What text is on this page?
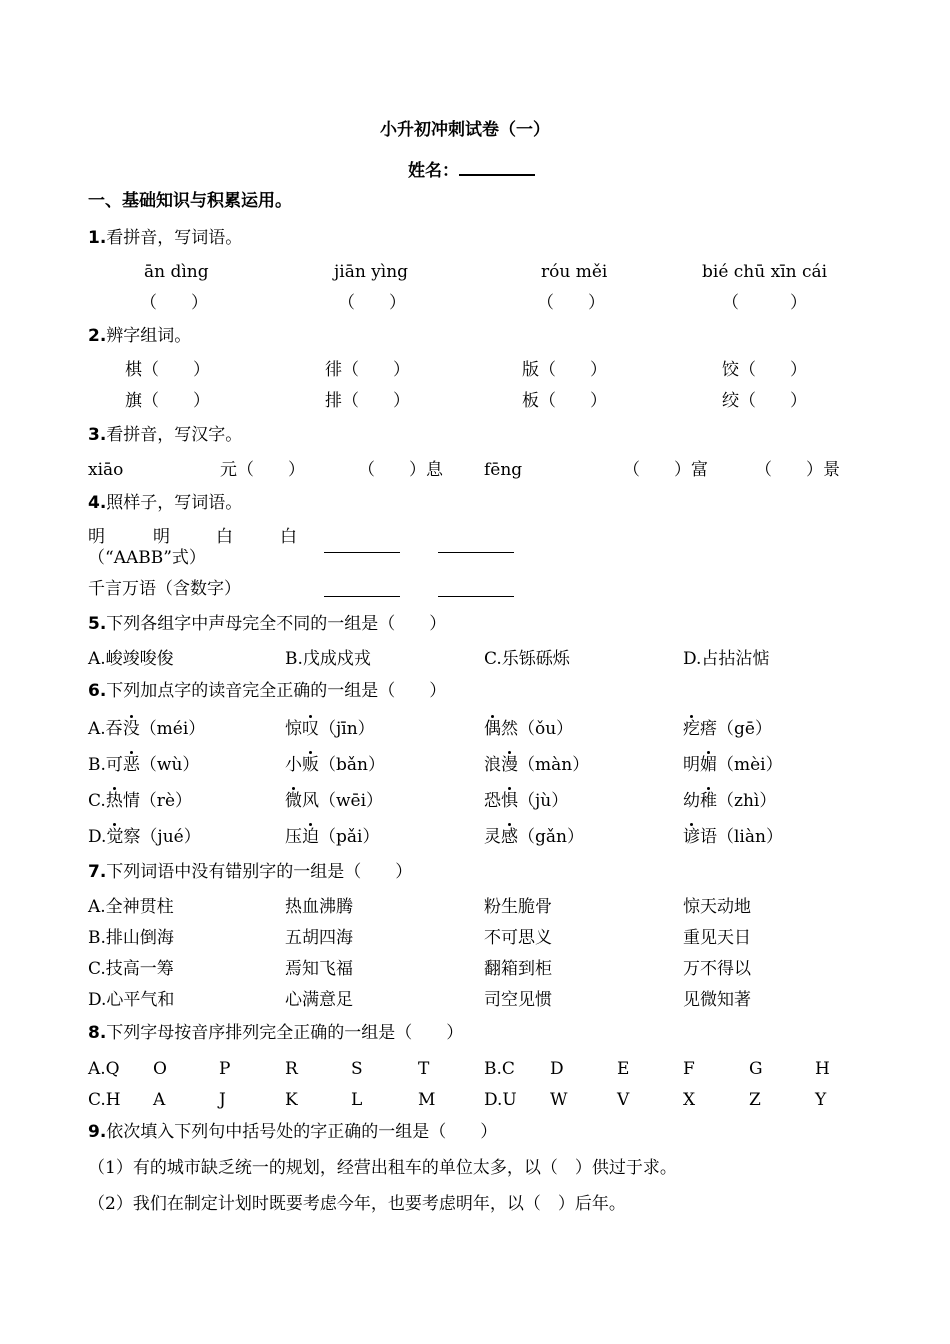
小升初冲刺试卷（一）
姓名：
一、基础知识与积累运用。
1.看拼音，写词语。
ān dìng	jiān yìng	róu měi	bié chū xīn cái
（　　）	（　　）	（　　）	（　　　）
2.辨字组词。
棋（　　）	徘（　　）	版（　　）	饺（　　）
旗（　　）	排（　　）	板（　　）	绞（　　）
3.看拼音，写汉字。
xiāo	元（　　）	（　　）息 fēng	（　　）富	（　　）景
4.照样子，写词语。
明	明	白	白
（“AABB”式）
千言万语（含数字）
5.下列各组字中声母完全不同的一组是（　　）
A.峻竣唆俊	B.戊成戍戎	C.乐铄砾烁	D.占拈沾惦
6.下列加点字的读音完全正确的一组是（　　）
A.吞没（méi）	惊叹（jīn）	偶然（ǒu）	疙瘩（gē）
B.可恶（wù）	小贩（bǎn）	浪漫（màn）	明媚（mèi）
C.热情（rè）	微风（wēi）	恐惧（jù）	幼稚（zhì）
D.觉察（jué）	压迫（pǎi）	灵感（gǎn）	谚语（liàn）
7.下列词语中没有错别字的一组是（　　）
A.全神贯柱	热血沸腾	粉生脆骨	惊天动地
B.排山倒海	五胡四海	不可思义	重见天日
C.技高一筹	焉知飞福	翻箱到柜	万不得以
D.心平气和	心满意足	司空见惯	见微知著
8.下列字母按音序排列完全正确的一组是（　　）
A.Q O	P	R	S	T	B.C D	E	F	G	H
C.H A	J	K	L	M	D.U W	V	X	Z	Y
9.依次填入下列句中括号处的字正确的一组是（　　）
（1）有的城市缺乏统一的规划，经营出租车的单位太多，以（　）供过于求。
（2）我们在制定计划时既要考虑今年，也要考虑明年，以（　）后年。
